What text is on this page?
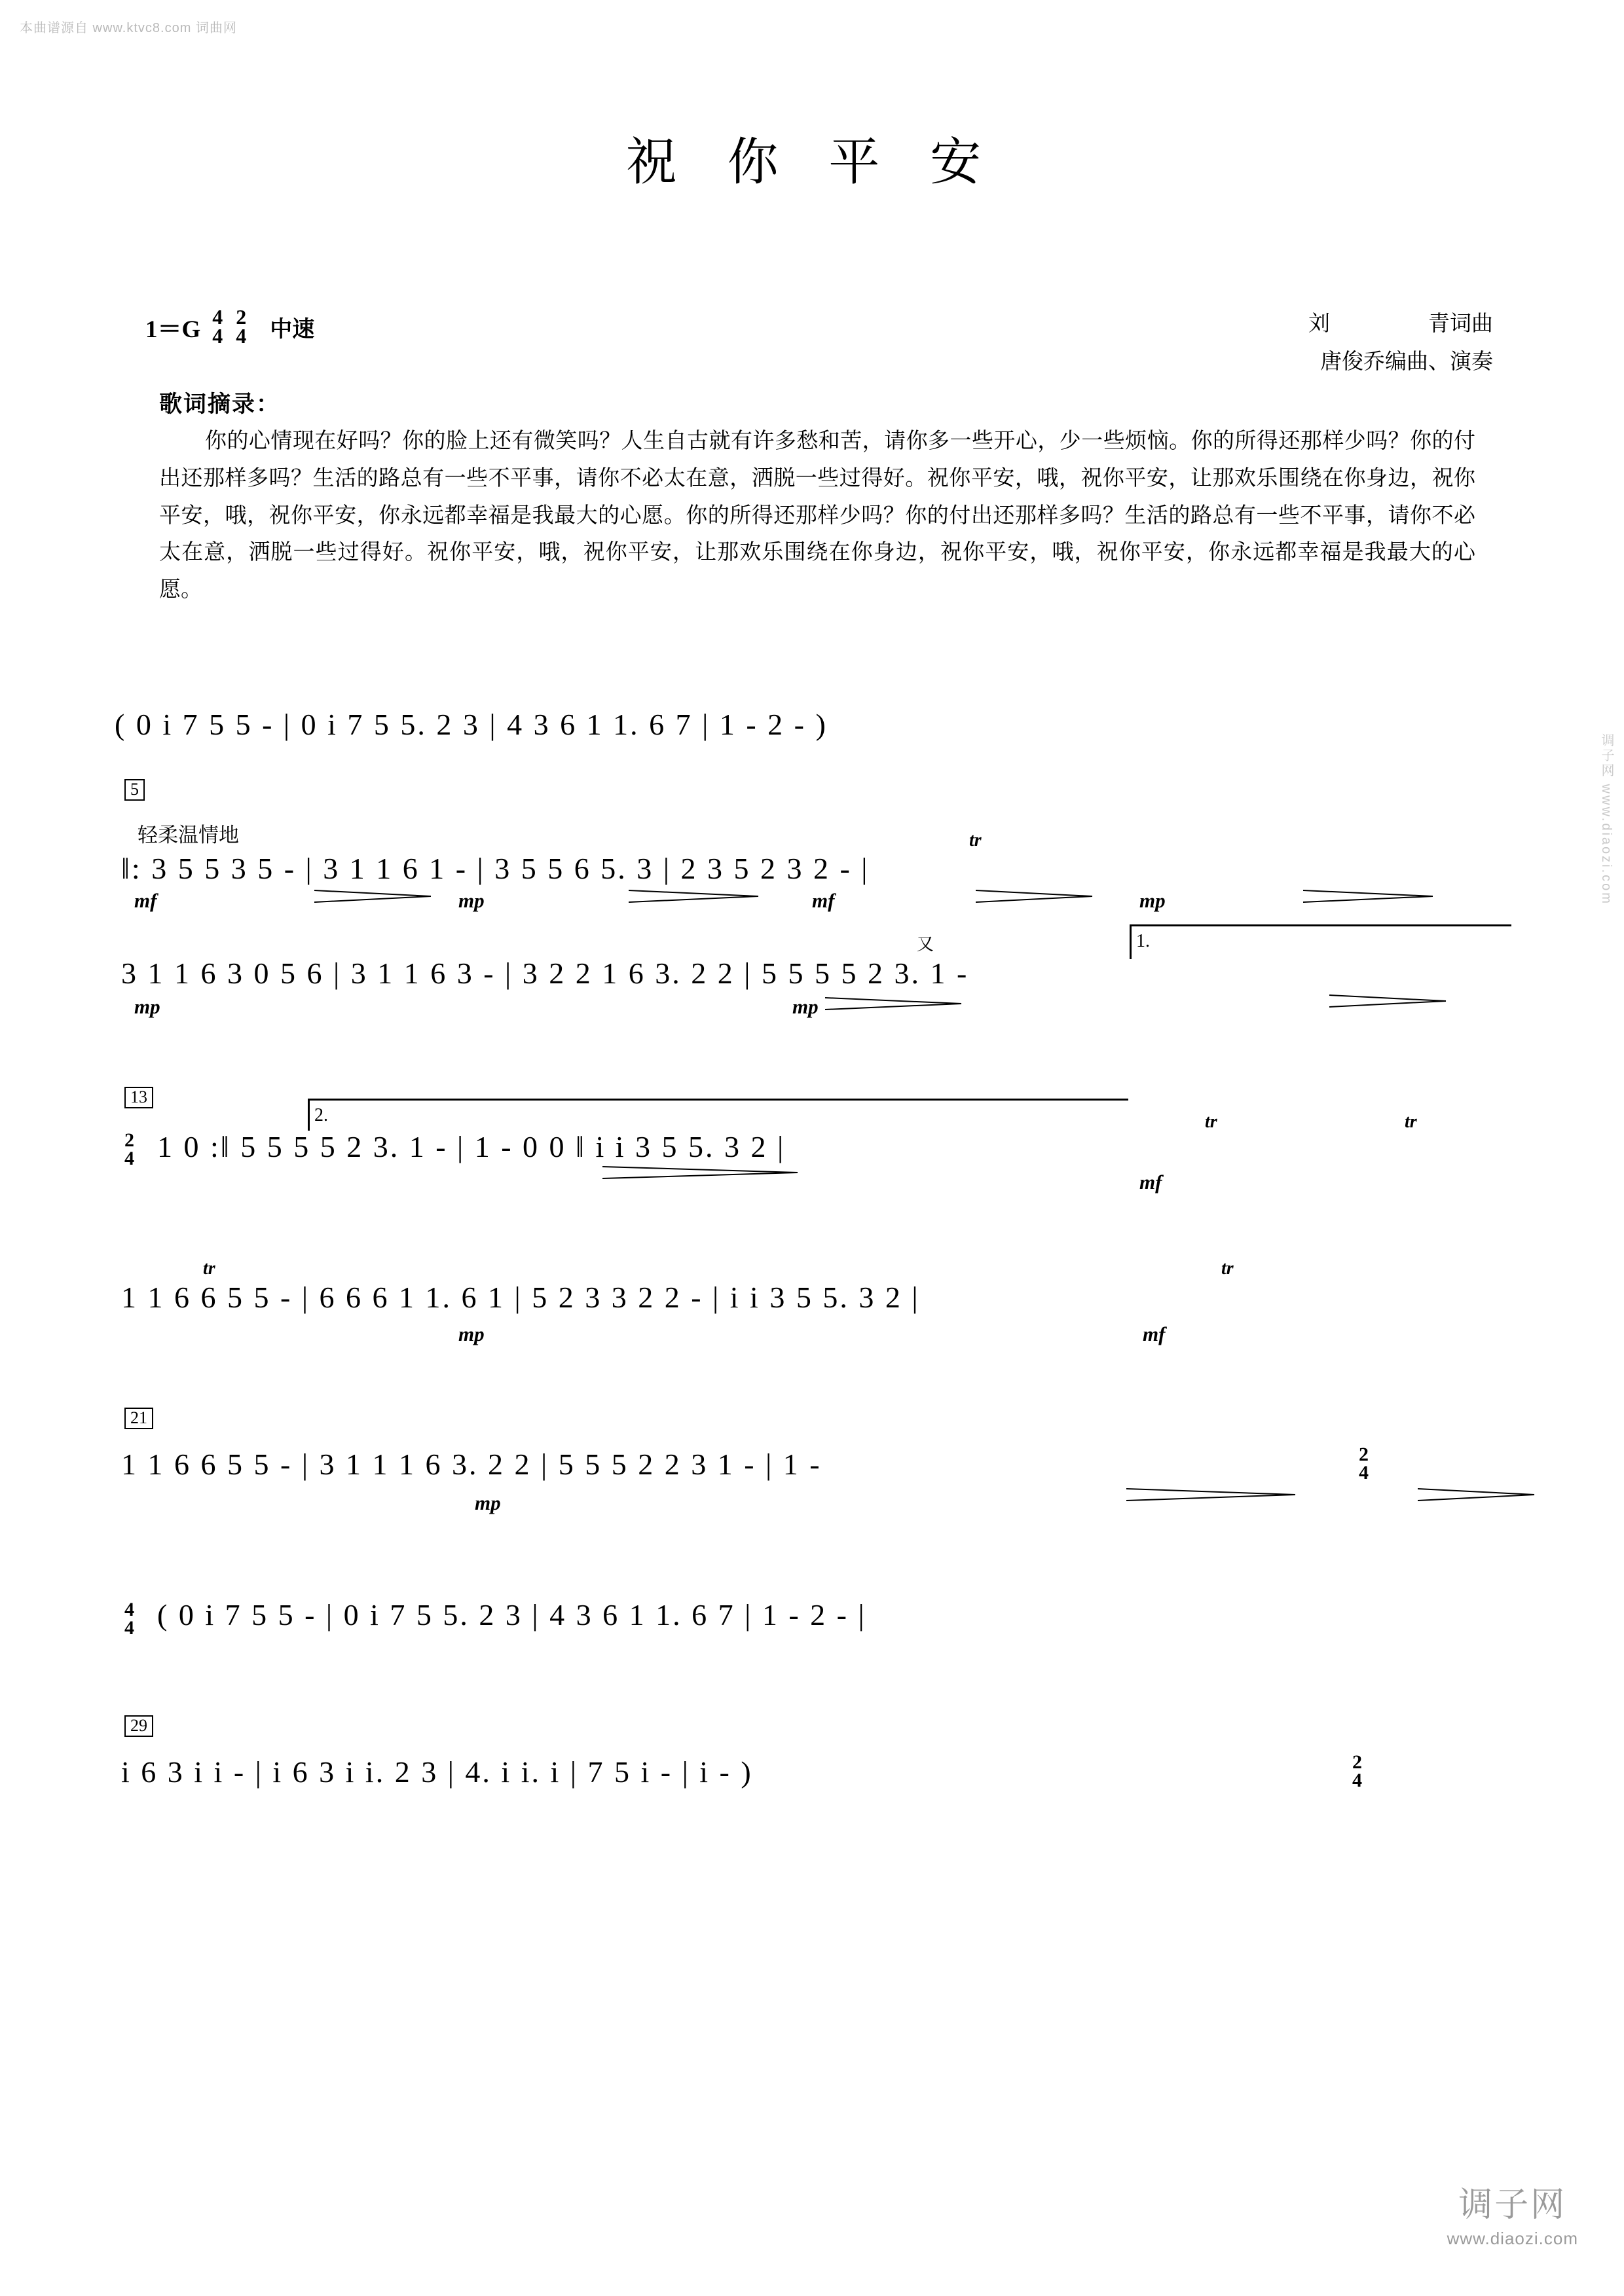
本曲谱源自 www.ktvc8.com 词曲网
调子网 www.diaozi.com
调子网
www.diaozi.com
祝 你 平 安
1＝G 4
4
2
4 中速	刘	青词曲
唐俊乔编曲、演奏
歌词摘录：
你的心情现在好吗？你的脸上还有微笑吗？人生自古就有许多愁和苦，请你多一些开心，少一些烦恼。你的所得还那样少吗？你的付出还那样多吗？生活的路总有一些不平事，请你不必太在意，洒脱一些过得好。祝你平安，哦，祝你平安，让那欢乐围绕在你身边，祝你平安，哦，祝你平安，你永远都幸福是我最大的心愿。你的所得还那样少吗？你的付出还那样多吗？生活的路总有一些不平事，请你不必太在意，洒脱一些过得好。祝你平安，哦，祝你平安，让那欢乐围绕在你身边，祝你平安，哦，祝你平安，你永远都幸福是我最大的心愿。
( 0 i 7 5 5 - | 0 i 7 5 5. 2 3 | 4 3 6 1 1. 6 7 | 1 - 2 - )
5
轻柔温情地
‖: 3 5 5 3 5 - | 3 1 1 6 1 - | 3 5 5 6 5. 3 | 2 3 5 2 3 2 - |
mf	mp	mf	mp
tr
3 1 1 6 3 0 5 6 | 3 1 1 6 3 - | 3 2 2 1 6 3. 2 2 | 5 5 5 5 2 3. 1 -
mp	mp
又	1.
13
2
4 1 0 :‖ 5 5 5 5 2 3. 1 - | 1 - 0 0 ‖ i i 3 5 5. 3 2 |
2.
mf
tr	tr
1 1 6 6 5 5 - | 6 6 6 1 1. 6 1 | 5 2 3 3 2 2 - | i i 3 5 5. 3 2 |
tr	tr
mp	mf
21
1 1 6 6 5 5 - | 3 1 1 1 6 3. 2 2 | 5 5 5 2 2 3 1 - | 1 -
mp
2
4
4
4 ( 0 i 7 5 5 - | 0 i 7 5 5. 2 3 | 4 3 6 1 1. 6 7 | 1 - 2 - |
29
i 6 3 i i - | i 6 3 i i. 2 3 | 4. i i. i | 7 5 i - | i - )	2
4
